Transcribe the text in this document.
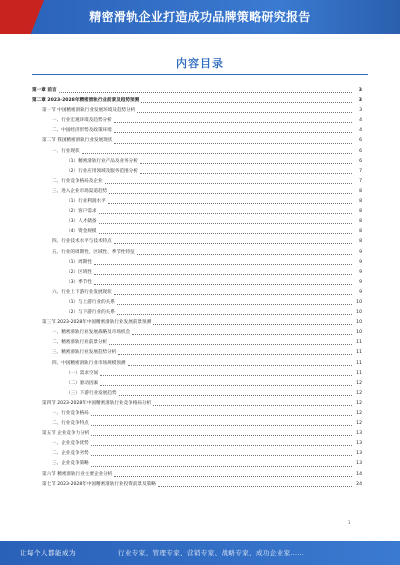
精密滑轨企业打造成功品牌策略研究报告
内容目录
第一章 前言	3
第二章 2023-2028年精密滑轨行业前景及趋势预测	3
第一节 中国精密滑轨行业发展环境及趋势分析	3
一、行业宏观环境及趋势分析	4
二、中国经济形势及政策环境	4
第二节 我国精密滑轨行业发展现状	6
一、行业现状	6
（1）精密滑轨行业产品及业务分析	6
（2）行业应用领域及服务范围分析	7
二、行业竞争格局及企业	7
三、进入企业市场渠道趋势	8
（1）行业利润水平	8
（2）客户需求	8
（3）人才储备	8
（4）资金规模	8
四、行业技术水平与技术特点	8
五、行业的周期性、区域性、季节性特征	9
（1）周期性	9
（2）区域性	9
（3）季节性	9
六、行业上下游行业发展现状	9
（1）与上游行业的关系	10
（2）与下游行业的关系	10
第三节 2023-2028年中国精密滑轨行业发展前景预测	10
一、精密滑轨行业发展战略及市场机会	10
二、精密滑轨行业前景分析	11
三、精密滑轨行业发展趋势分析	11
四、中国精密滑轨行业市场规模预测	11
（一）需求空间	11
（二）驱动因素	12
（三）下游行业发展趋势	12
第四节 2023-2028年中国精密滑轨行业竞争格局分析	12
一、行业竞争格局	12
二、行业竞争特点	12
第五节 企业竞争力分析	13
一、企业竞争优势	13
二、企业竞争劣势	13
三、企业竞争策略	13
第六节 精密滑轨行业主要企业分析	14
第七节 2023-2028年中国精密滑轨行业投资前景及策略	24
1
让每个人都能成为	行业专家、管理专家、营销专家、战略专家、成功企业家……
